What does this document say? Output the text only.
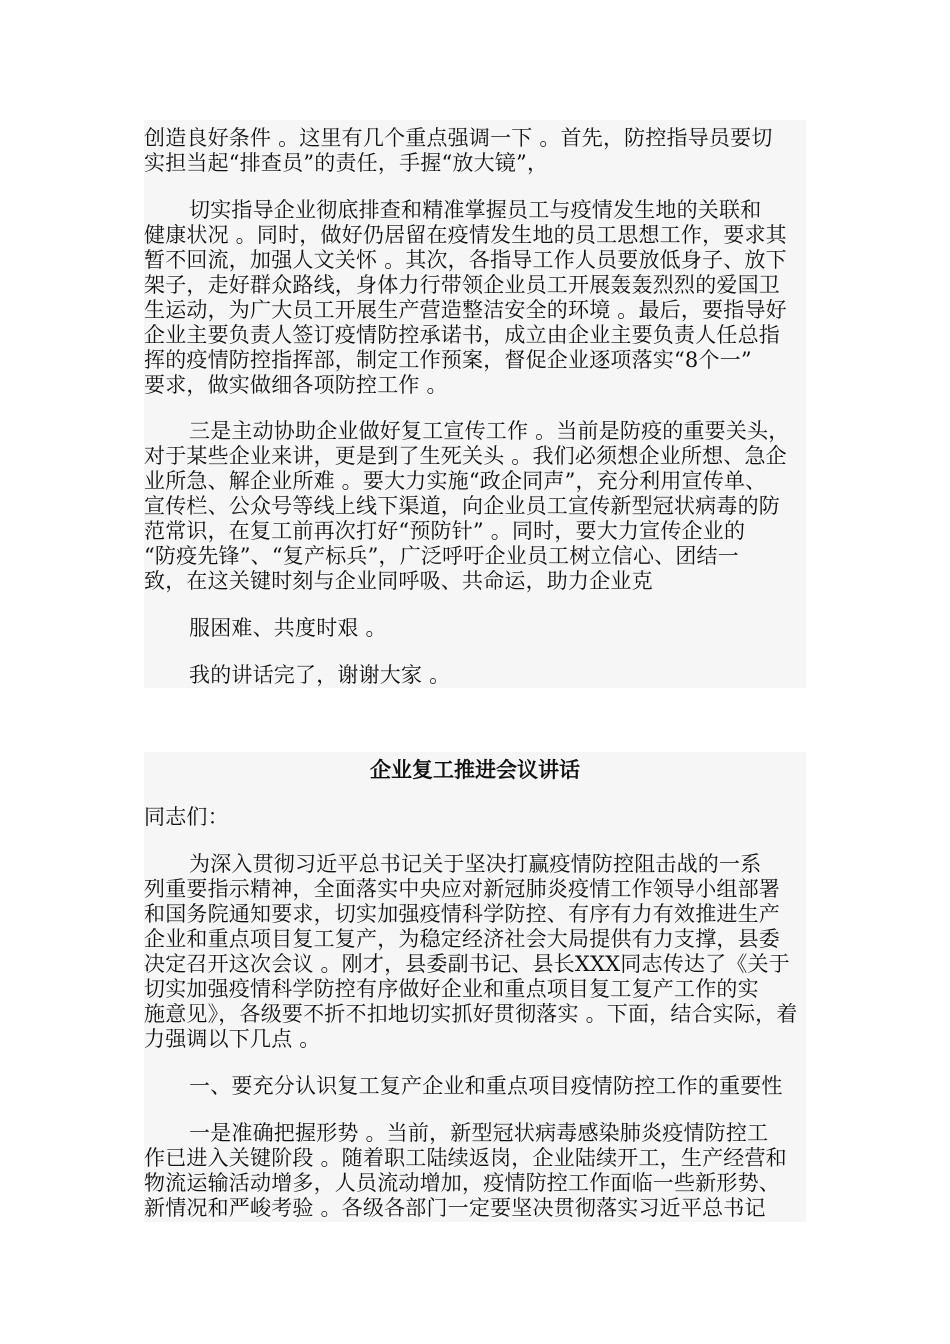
创造良好条件 。这里有几个重点强调一下 。首先，防控指导员要切
实担当起“排查员”的责任，手握“放大镜”，
切实指导企业彻底排查和精准掌握员工与疫情发生地的关联和
健康状况 。同时，做好仍居留在疫情发生地的员工思想工作，要求其
暂不回流，加强人文关怀 。其次，各指导工作人员要放低身子、放下
架子，走好群众路线，身体力行带领企业员工开展轰轰烈烈的爱国卫
生运动，为广大员工开展生产营造整洁安全的环境 。最后，要指导好
企业主要负责人签订疫情防控承诺书，成立由企业主要负责人任总指
挥的疫情防控指挥部，制定工作预案，督促企业逐项落实“8个一”
要求，做实做细各项防控工作 。
三是主动协助企业做好复工宣传工作 。当前是防疫的重要关头，
对于某些企业来讲，更是到了生死关头 。我们必须想企业所想、急企
业所急、解企业所难 。要大力实施“政企同声”，充分利用宣传单、
宣传栏、公众号等线上线下渠道，向企业员工宣传新型冠状病毒的防
范常识，在复工前再次打好“预防针” 。同时，要大力宣传企业的
“防疫先锋”、“复产标兵”，广泛呼吁企业员工树立信心、团结一
致，在这关键时刻与企业同呼吸、共命运，助力企业克
服困难、共度时艰 。
我的讲话完了，谢谢大家 。
企业复工推进会议讲话
同志们：
为深入贯彻习近平总书记关于坚决打赢疫情防控阻击战的一系
列重要指示精神，全面落实中央应对新冠肺炎疫情工作领导小组部署
和国务院通知要求，切实加强疫情科学防控、有序有力有效推进生产
企业和重点项目复工复产，为稳定经济社会大局提供有力支撑，县委
决定召开这次会议 。刚才，县委副书记、县长XXX同志传达了《关于
切实加强疫情科学防控有序做好企业和重点项目复工复产工作的实
施意见》，各级要不折不扣地切实抓好贯彻落实 。下面，结合实际，着
力强调以下几点 。
一、要充分认识复工复产企业和重点项目疫情防控工作的重要性
一是准确把握形势 。当前，新型冠状病毒感染肺炎疫情防控工
作已进入关键阶段 。随着职工陆续返岗，企业陆续开工，生产经营和
物流运输活动增多，人员流动增加，疫情防控工作面临一些新形势、
新情况和严峻考验 。各级各部门一定要坚决贯彻落实习近平总书记
